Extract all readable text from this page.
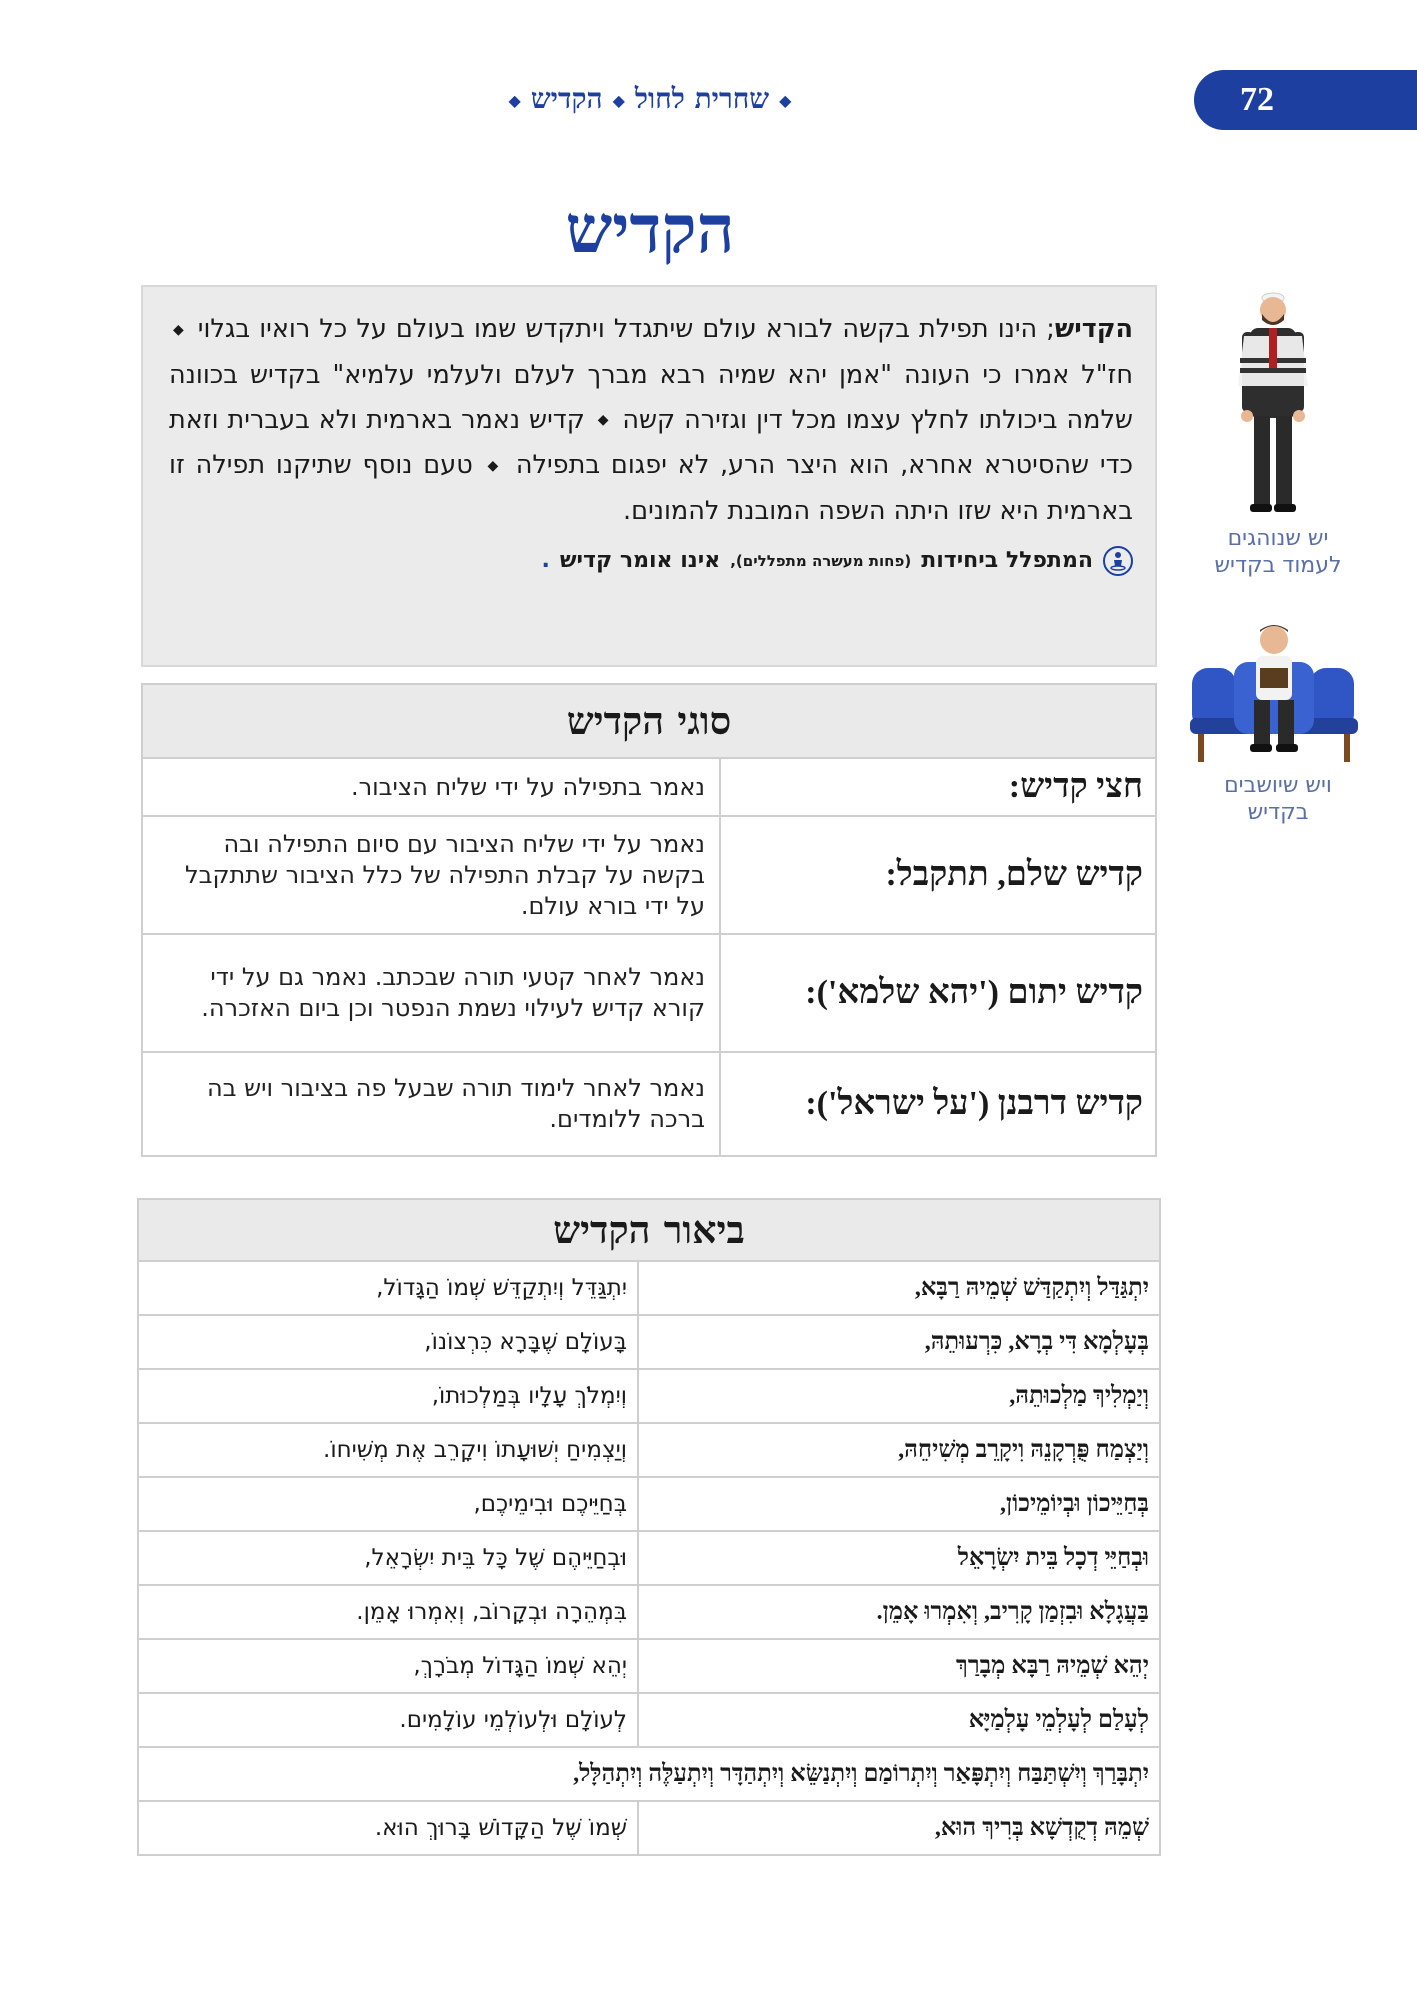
72
◆שחרית לחול◆הקדיש◆
הקדיש

הקדיש; הינו תפילת בקשה לבורא עולם שיתגדל ויתקדש שמו בעולם על כל רואיו בגלוי ◆ חז"ל אמרו כי העונה "אמן יהא שמיה רבא מברך לעלם ולעלמי עלמיא" בקדיש בכוונה שלמה ביכולתו לחלץ עצמו מכל דין וגזירה קשה ◆ קדיש נאמר בארמית ולא בעברית וזאת כדי שהסיטרא אחרא, הוא היצר הרע, לא יפגום בתפילה ◆ טעם נוסף שתיקנו תפילה זו בארמית היא שזו היתה השפה המובנת להמונים.

המתפלל ביחידות
(פחות מעשרה מתפללים),
אינו אומר קדיש
.
יש שנוהגים
לעמוד בקדיש
ויש שיושבים
בקדיש
סוגי הקדיש	
חצי קדיש:	נאמר בתפילה על ידי שליח הציבור.
קדיש שלם, תתקבל:	נאמר על ידי שליח הציבור עם סיום התפילה ובה בקשה על קבלת התפילה של כלל הציבור שתתקבל על ידי בורא עולם.
קדיש יתום ('יהא שלמא'):	נאמר לאחר קטעי תורה שבכתב. נאמר גם על ידי קורא קדיש לעילוי נשמת הנפטר וכן ביום האזכרה.
קדיש דרבנן ('על ישראל'):	נאמר לאחר לימוד תורה שבעל פה בציבור ויש בה ברכה ללומדים.
ביאור הקדיש	
יִתְגַּדַּל וְיִתְקַדַּשׁ שְׁמֵיהּ רַבָּא,	יִתְגַּדֵּל וְיִתְקַדֵּשׁ שְׁמוֹ הַגָּדוֹל,
בְּעָלְמָא דִּי בְרָא, כִּרְעוּתֵהּ,	בָּעוֹלָם שֶׁבָּרָא כִּרְצוֹנוֹ,
וְיַמְלִיךְ מַלְכוּתֵהּ,	וְיִמְלֹךְ עָלָיו בְּמַלְכוּתוֹ,
וְיַצְמַח פֻּרְקָנֵהּ וִיקָרֵב מְשִׁיחֵהּ,	וְיַצְמִיחַ יְשׁוּעָתוֹ וִיקָרֵב אֶת מְשִׁיחוֹ.
בְּחַיֵּיכוֹן וּבְיוֹמֵיכוֹן,	בְּחַיֵּיכֶם וּבִימֵיכֶם,
וּבְחַיֵּי דְכָל בֵּית יִשְׂרָאֵל	וּבְחַיֵּיהֶם שֶׁל כָּל בֵּית יִשְׂרָאֵל,
בַּעֲגָלָא וּבִזְמַן קָרִיב, וְאִמְרוּ אָמֵן.	בִּמְהֵרָה וּבְקָרוֹב, וְאִמְרוּ אָמֵן.
יְהֵא שְׁמֵיהּ רַבָּא מְבָרַךְ	יְהֵא שְׁמוֹ הַגָּדוֹל מְבֹרָךְ,
לְעָלַם לְעָלְמֵי עָלְמַיָּא	לְעוֹלָם וּלְעוֹלְמֵי עוֹלָמִים.
יִתְבָּרַךְ וְיִשְׁתַּבַּח וְיִתְפָּאַר וְיִתְרוֹמַם וְיִתְנַשֵּׂא וְיִתְהַדָּר וְיִתְעַלֶּה וְיִתְהַלָּל,	
שְׁמֵהּ דְקֻדְשָׁא בְּרִיךְ הוּא,	שְׁמוֹ שֶׁל הַקָּדוֹשׁ בָּרוּךְ הוּא.
